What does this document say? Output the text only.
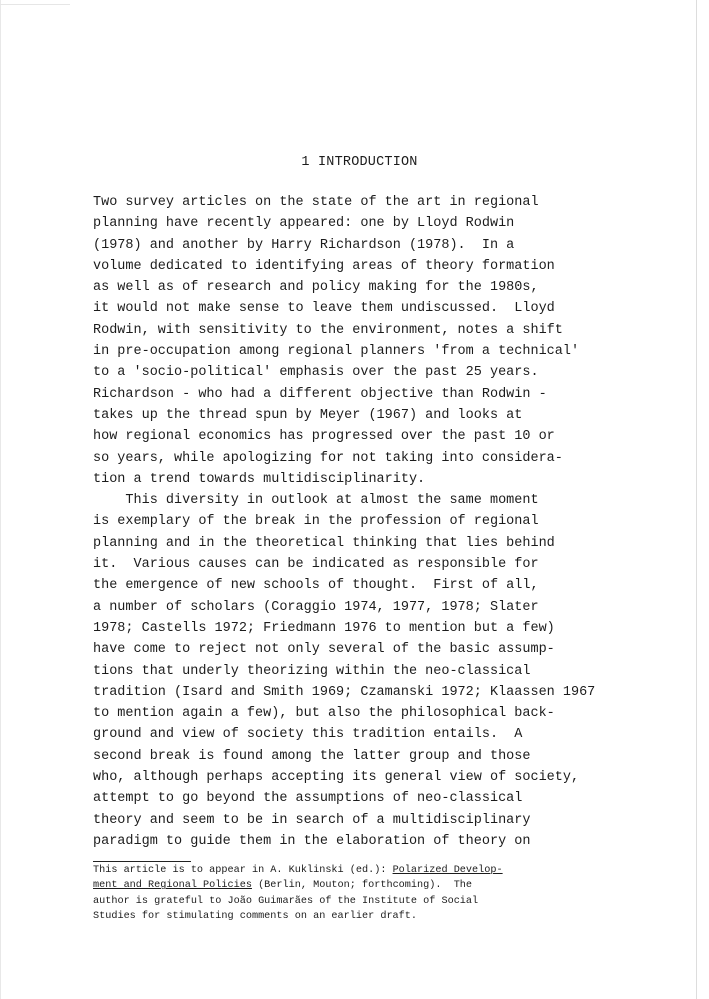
1 INTRODUCTION
Two survey articles on the state of the art in regional
planning have recently appeared: one by Lloyd Rodwin
(1978) and another by Harry Richardson (1978).  In a
volume dedicated to identifying areas of theory formation
as well as of research and policy making for the 1980s,
it would not make sense to leave them undiscussed.  Lloyd
Rodwin, with sensitivity to the environment, notes a shift
in pre-occupation among regional planners 'from a technical'
to a 'socio-political' emphasis over the past 25 years.
Richardson - who had a different objective than Rodwin -
takes up the thread spun by Meyer (1967) and looks at
how regional economics has progressed over the past 10 or
so years, while apologizing for not taking into considera-
tion a trend towards multidisciplinarity.
This diversity in outlook at almost the same moment
is exemplary of the break in the profession of regional
planning and in the theoretical thinking that lies behind
it.  Various causes can be indicated as responsible for
the emergence of new schools of thought.  First of all,
a number of scholars (Coraggio 1974, 1977, 1978; Slater
1978; Castells 1972; Friedmann 1976 to mention but a few)
have come to reject not only several of the basic assump-
tions that underly theorizing within the neo-classical
tradition (Isard and Smith 1969; Czamanski 1972; Klaassen 1967
to mention again a few), but also the philosophical back-
ground and view of society this tradition entails.  A
second break is found among the latter group and those
who, although perhaps accepting its general view of society,
attempt to go beyond the assumptions of neo-classical
theory and seem to be in search of a multidisciplinary
paradigm to guide them in the elaboration of theory on
This article is to appear in A. Kuklinski (ed.): Polarized Develop-
ment and Regional Policies (Berlin, Mouton; forthcoming).  The
author is grateful to João Guimarães of the Institute of Social
Studies for stimulating comments on an earlier draft.
